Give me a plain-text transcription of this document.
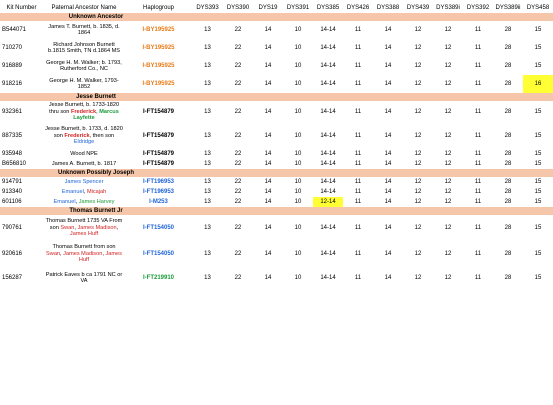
Kit Number	Paternal Ancestor Name	Haplogroup	DYS393	DYS390	DYS19	DYS391	DYS385	DYS426	DYS388	DYS439	DYS389i	DYS392	DYS389ii	DYS458
Unknown Ancestor														
B544071	James T. Burnett, b. 1835, d. 1864	I-BY195925	13	22	14	10	14-14	11	14	12	12	11	28	15
710270	Richard Johnson Burnett b.1815 Smith, TN d.1864 MS	I-BY195925	13	22	14	10	14-14	11	14	12	12	11	28	15
916889	George H. M. Walker; b. 1793, Rutherford Co., NC	I-BY195925	13	22	14	10	14-14	11	14	12	12	11	28	15
918216	George H. M. Walker, 1793-1852	I-BY195925	13	22	14	10	14-14	11	14	12	12	11	28	16
Jesse Burnett														
932361	Jesse Burnett, b. 1733-1820 thru son Frederick, Marcus Layfette	I-FT154879	13	22	14	10	14-14	11	14	12	12	11	28	15
887335	Jesse Burnett, b. 1733, d. 1820 son Frederick, then son Eldridge	I-FT154879	13	22	14	10	14-14	11	14	12	12	11	28	15
935948	Wood NPE	I-FT154879	13	22	14	10	14-14	11	14	12	12	11	28	15
B656810	James A. Burnett, b. 1817	I-FT154879	13	22	14	10	14-14	11	14	12	12	11	28	15
Unknown Possibly Joseph														
914791	James Spencer	I-FT196953	13	22	14	10	14-14	11	14	12	12	11	28	15
913340	Emanuel, Micajah	I-FT196953	13	22	14	10	14-14	11	14	12	12	11	28	15
601106	Emanuel, James Harvey	I-M253	13	22	14	10	12-14	11	14	12	12	11	28	15
Thomas Burnett Jr														
790761	Thomas Burnett 1735 VA From son Swan, James Madison, James Huff	I-FT154050	13	22	14	10	14-14	11	14	12	12	11	28	15
920616	Thomas Burnett from son Swan, James Madison, James Huff	I-FT154050	13	22	14	10	14-14	11	14	12	12	11	28	15
156287	Patrick Eaves b ca 1791 NC or VA	I-FT219910	13	22	14	10	14-14	11	14	12	12	11	28	15
